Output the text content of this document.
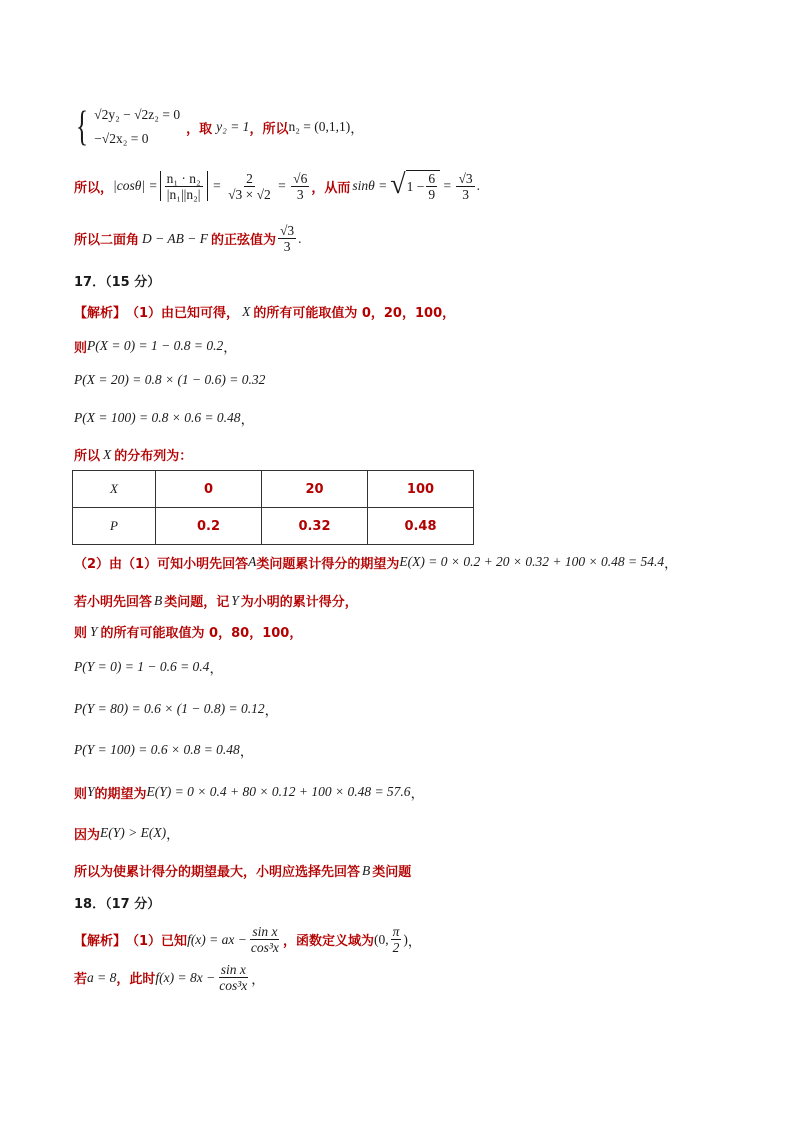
{ √2y₂ − √2z₂ = 0
−√2x₂ = 0
，取 y₂ = 1 ，所以 n₂ = (0,1,1) ，
所以， $|\cos\theta| = \frac{\text{n₁ · n₂}}{\text{|n₁||n₂|}} = \frac{2}{√3 \times √2} = \frac{√6}{3}$ ，从而 sinθ = √ $1 - \frac{6}{9} = \frac{√3}{3}$ .
所以二面角 D − AB − F 的正弦值为 $\frac{√3}{3}$ .
17．（15 分）
【解析】 （1）由已知可得， X 的所有可能取值为 0，20，100，
则 P(X = 0) = 1 − 0.8 = 0.2 ，
P(X = 20) = 0.8 × (1 − 0.6) = 0.32
P(X = 100) = 0.8 × 0.6 = 0.48 ，
所以 X 的分布列为：
X	0	20	100
P	0.2	0.32	0.48
（2）由（1）可知小明先回答 A 类问题累计得分的期望为 E(X) = 0 × 0.2 + 20 × 0.32 + 100 × 0.48 = 54.4 ，
若小明先回答 B 类问题，记 Y 为小明的累计得分，
则 Y 的所有可能取值为 0，80，100，
P(Y = 0) = 1 − 0.6 = 0.4 ，
P(Y = 80) = 0.6 × (1 − 0.8) = 0.12 ，
P(Y = 100) = 0.6 × 0.8 = 0.48 ，
则 Y 的期望为 E(Y) = 0 × 0.4 + 80 × 0.12 + 100 × 0.48 = 57.6 ，
因为 E(Y) > E(X) ，
所以为使累计得分的期望最大，小明应选择先回答 B 类问题
18．（17 分）
【解析】 （1）已知 f(x) = ax − $\frac{\text{sin x}}{\text{cos³x}}$ ，函数定义域为 (0, $\frac{\pi}{2}$ ) ，
若 a = 8 ，此时 $f(x) = 8x - \frac{\text{sin x}}{\text{cos³x}}$ ，
